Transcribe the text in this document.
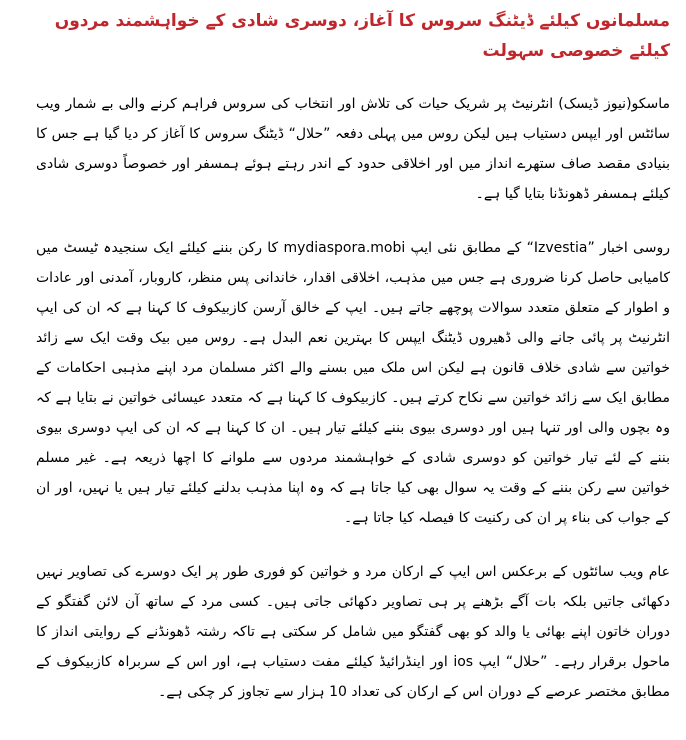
مسلمانوں کیلئے ڈیٹنگ سروس کا آغاز، دوسری شادی کے خواہشمند مردوں کیلئے خصوصی سہولت

ماسکو(نیوز ڈیسک) انٹرنیٹ پر شریک حیات کی تلاش اور انتخاب کی سروس فراہم کرنے والی بے شمار ویب سائٹس اور ایپس دستیاب ہیں لیکن روس میں پہلی دفعہ ”حلال“ ڈیٹنگ سروس کا آغاز کر دیا گیا ہے جس کا بنیادی مقصد صاف ستھرے انداز میں اور اخلاقی حدود کے اندر رہتے ہوئے ہمسفر اور خصوصاً دوسری شادی کیلئے ہمسفر ڈھونڈنا بتایا گیا ہے۔

روسی اخبار ”Izvestia“ کے مطابق نئی ایپ mydiaspora.mobi کا رکن بننے کیلئے ایک سنجیدہ ٹیسٹ میں کامیابی حاصل کرنا ضروری ہے جس میں مذہب، اخلاقی اقدار، خاندانی پس منظر، کاروبار، آمدنی اور عادات و اطوار کے متعلق متعدد سوالات پوچھے جاتے ہیں۔ ایپ کے خالق آرسن کازبیکوف کا کہنا ہے کہ ان کی ایپ انٹرنیٹ پر پائی جانے والی ڈھیروں ڈیٹنگ ایپس کا بہترین نعم البدل ہے۔ روس میں بیک وقت ایک سے زائد خواتین سے شادی خلاف قانون ہے لیکن اس ملک میں بسنے والے اکثر مسلمان مرد اپنے مذہبی احکامات کے مطابق ایک سے زائد خواتین سے نکاح کرتے ہیں۔ کازبیکوف کا کہنا ہے کہ متعدد عیسائی خواتین نے بتایا ہے کہ وہ بچوں والی اور تنہا ہیں اور دوسری بیوی بننے کیلئے تیار ہیں۔ ان کا کہنا ہے کہ ان کی ایپ دوسری بیوی بننے کے لئے تیار خواتین کو دوسری شادی کے خواہشمند مردوں سے ملوانے کا اچھا ذریعہ ہے۔ غیر مسلم خواتین سے رکن بننے کے وقت یہ سوال بھی کیا جاتا ہے کہ وہ اپنا مذہب بدلنے کیلئے تیار ہیں یا نہیں، اور ان کے جواب کی بناء پر ان کی رکنیت کا فیصلہ کیا جاتا ہے۔

عام ویب سائٹوں کے برعکس اس ایپ کے ارکان مرد و خواتین کو فوری طور پر ایک دوسرے کی تصاویر نہیں دکھائی جاتیں بلکہ بات آگے بڑھنے پر ہی تصاویر دکھائی جاتی ہیں۔ کسی مرد کے ساتھ آن لائن گفتگو کے دوران خاتون اپنے بھائی یا والد کو بھی گفتگو میں شامل کر سکتی ہے تاکہ رشتہ ڈھونڈنے کے روایتی انداز کا ماحول برقرار رہے۔ ”حلال“ ایپ ios اور اینڈرائیڈ کیلئے مفت دستیاب ہے، اور اس کے سربراہ کازبیکوف کے مطابق مختصر عرصے کے دوران اس کے ارکان کی تعداد 10 ہزار سے تجاوز کر چکی ہے۔
